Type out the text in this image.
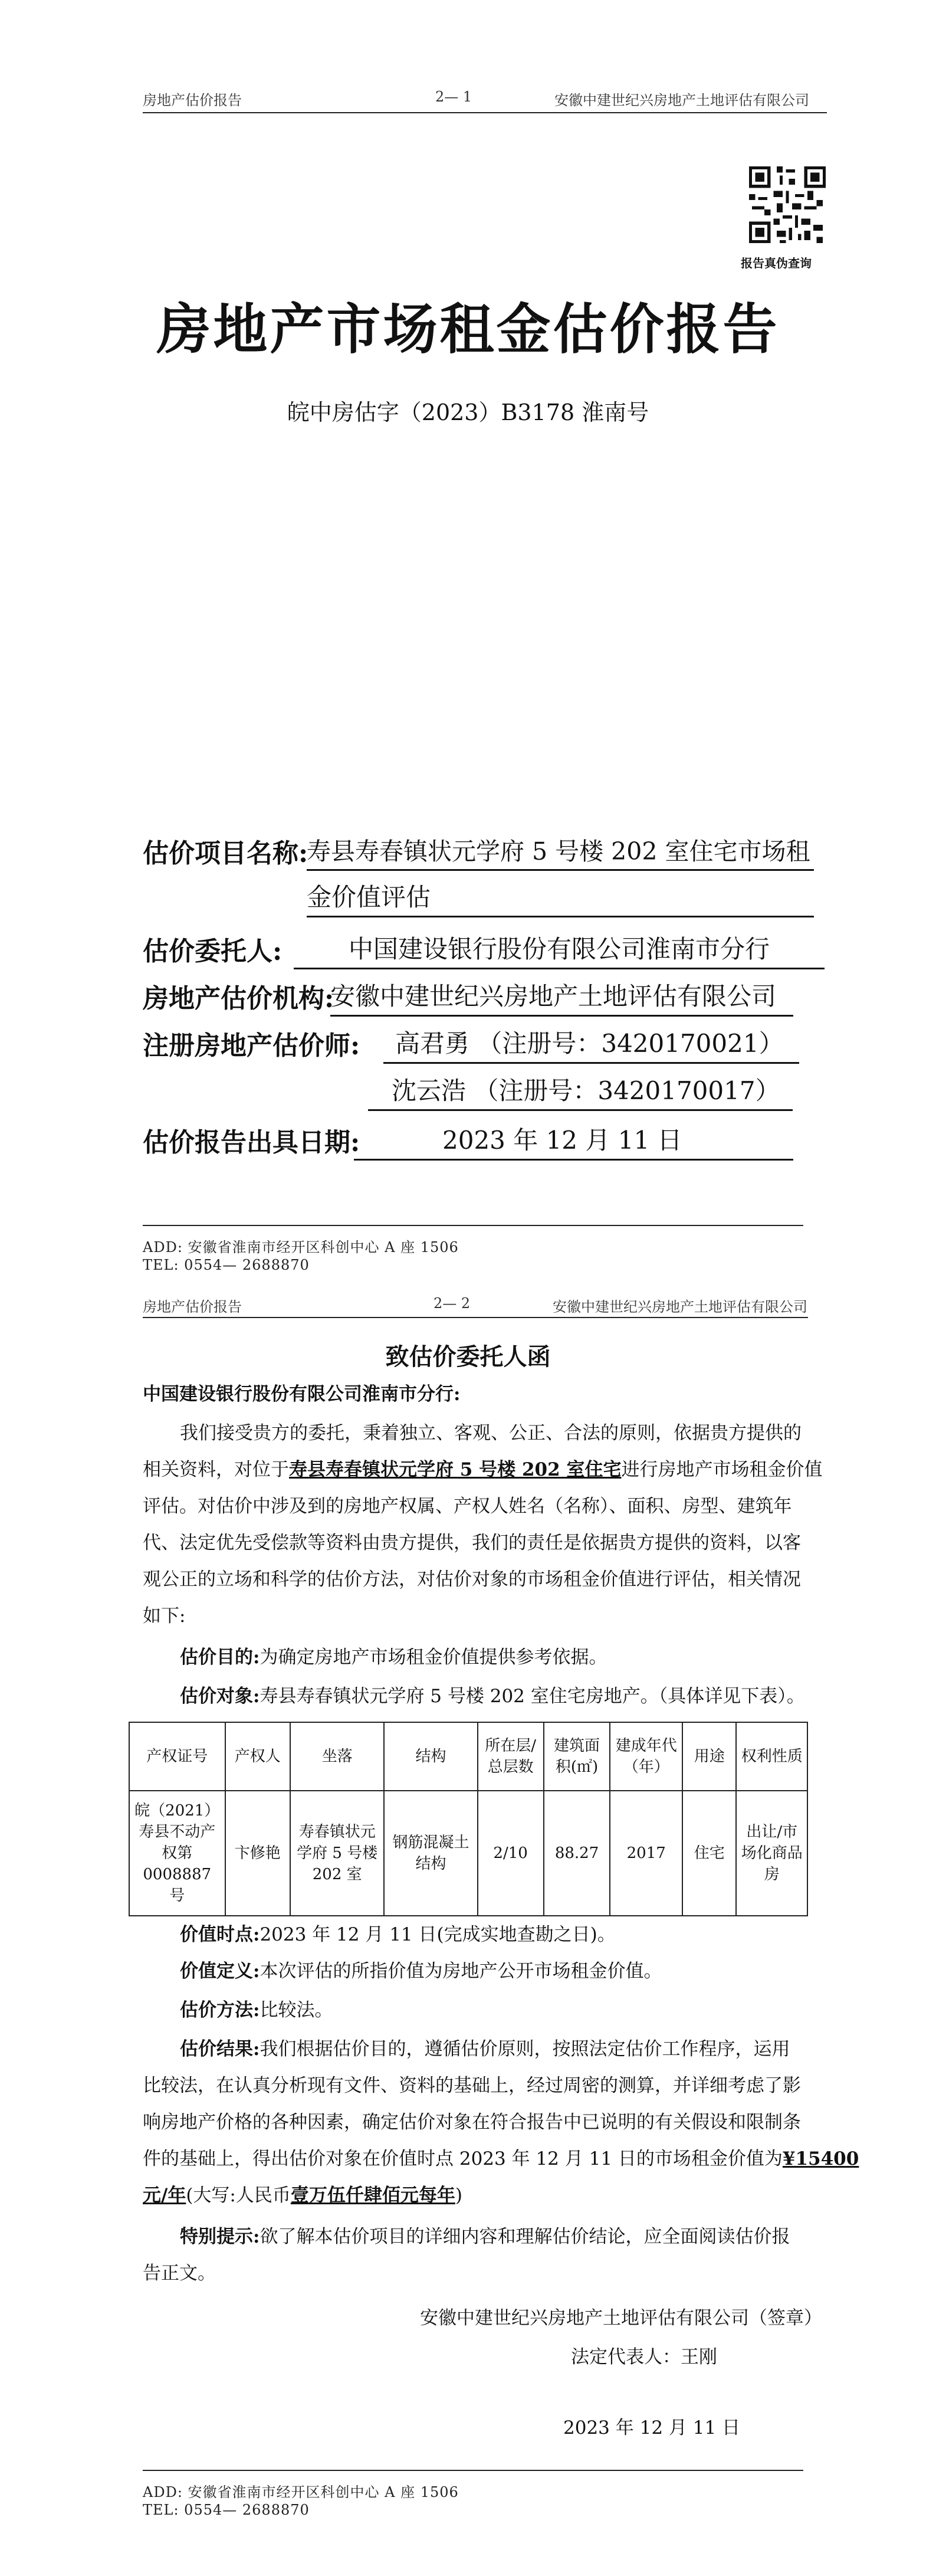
房地产估价报告	2— 1	安徽中建世纪兴房地产土地评估有限公司
报告真伪查询
房地产市场租金估价报告
皖中房估字（2023）B3178 淮南号
估价项目名称:
寿县寿春镇状元学府 5 号楼 202 室住宅市场租
金价值评估
估价委托人:	中国建设银行股份有限公司淮南市分行
房地产估价机构:
安徽中建世纪兴房地产土地评估有限公司
注册房地产估价师:	高君勇 （注册号：3420170021）
沈云浩 （注册号：3420170017）
估价报告出具日期:	2023 年 12 月 11 日
ADD: 安徽省淮南市经开区科创中心 A 座 1506
TEL: 0554— 2688870
房地产估价报告	2— 2	安徽中建世纪兴房地产土地评估有限公司
致估价委托人函
中国建设银行股份有限公司淮南市分行:
我们接受贵方的委托，秉着独立、客观、公正、合法的原则，依据贵方提供的
相关资料，对位于寿县寿春镇状元学府 5 号楼 202 室住宅进行房地产市场租金价值
评估。对估价中涉及到的房地产权属、产权人姓名（名称）、面积、房型、建筑年
代、法定优先受偿款等资料由贵方提供，我们的责任是依据贵方提供的资料，以客
观公正的立场和科学的估价方法，对估价对象的市场租金价值进行评估，相关情况
如下:
估价目的:为确定房地产市场租金价值提供参考依据。
估价对象:寿县寿春镇状元学府 5 号楼 202 室住宅房地产。（具体详见下表）。
产权证号	产权人	坐落	结构	所在层/总层数	建筑面积(㎡)	建成年代（年）	用途	权利性质
皖（2021）寿县不动产权第 0008887 号	卞修艳	寿春镇状元学府 5 号楼 202 室	钢筋混凝土结构	2/10	88.27	2017	住宅	出让/市场化商品房
价值时点:2023 年 12 月 11 日(完成实地查勘之日)。
价值定义:本次评估的所指价值为房地产公开市场租金价值。
估价方法:比较法。
估价结果:我们根据估价目的，遵循估价原则，按照法定估价工作程序，运用
比较法，在认真分析现有文件、资料的基础上，经过周密的测算，并详细考虑了影
响房地产价格的各种因素，确定估价对象在符合报告中已说明的有关假设和限制条
件的基础上，得出估价对象在价值时点 2023 年 12 月 11 日的市场租金价值为¥15400
元/年(大写:人民币壹万伍仟肆佰元每年)
特别提示:欲了解本估价项目的详细内容和理解估价结论，应全面阅读估价报
告正文。
安徽中建世纪兴房地产土地评估有限公司（签章）
法定代表人：王刚
2023 年 12 月 11 日
ADD: 安徽省淮南市经开区科创中心 A 座 1506
TEL: 0554— 2688870
